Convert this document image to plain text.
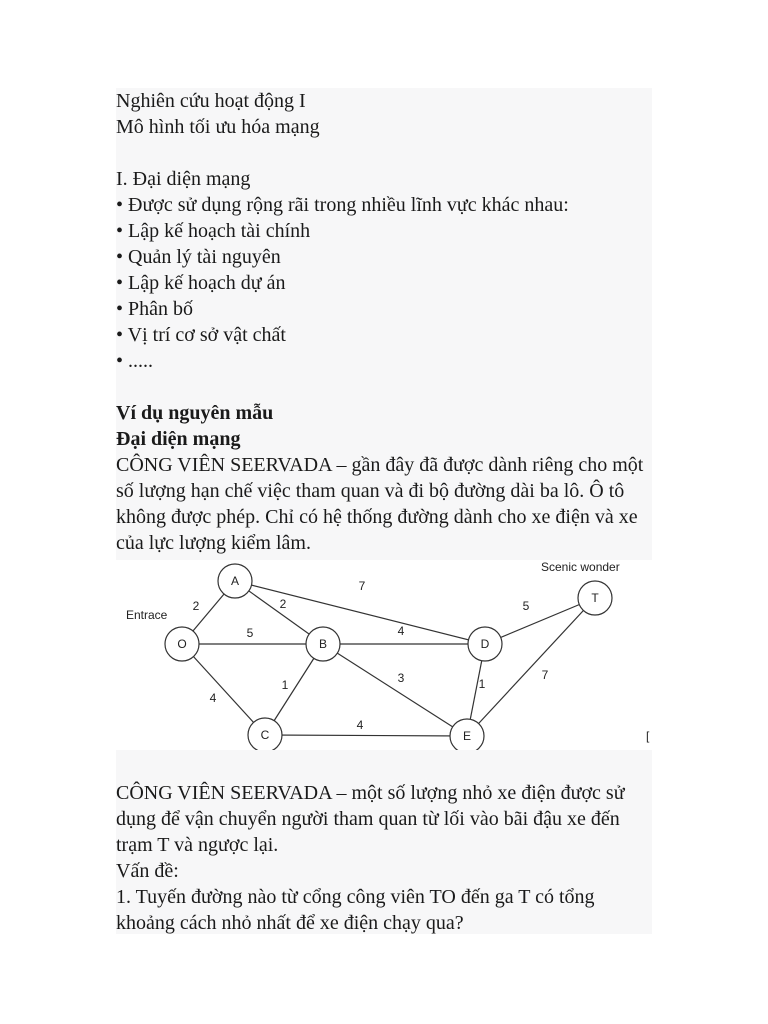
Nghiên cứu hoạt động I

Mô hình tối ưu hóa mạng

I. Đại diện mạng

• Được sử dụng rộng rãi trong nhiều lĩnh vực khác nhau:

• Lập kế hoạch tài chính

• Quản lý tài nguyên

• Lập kế hoạch dự án

• Phân bố

• Vị trí cơ sở vật chất

• .....

Ví dụ nguyên mẫu

Đại diện mạng

CÔNG VIÊN SEERVADA – gần đây đã được dành riêng cho một số lượng hạn chế việc tham quan và đi bộ đường dài ba lô. Ô tô không được phép. Chỉ có hệ thống đường dành cho xe điện và xe của lực lượng kiểm lâm.

2
5
4
2
7
1
4
3
4
1
5
7
O
A
B
C
D
E
T
Entrace
Scenic wonder
[

CÔNG VIÊN SEERVADA – một số lượng nhỏ xe điện được sử dụng để vận chuyển người tham quan từ lối vào bãi đậu xe đến trạm T và ngược lại.

Vấn đề:

1. Tuyến đường nào từ cổng công viên TO đến ga T có tổng khoảng cách nhỏ nhất để xe điện chạy qua?
